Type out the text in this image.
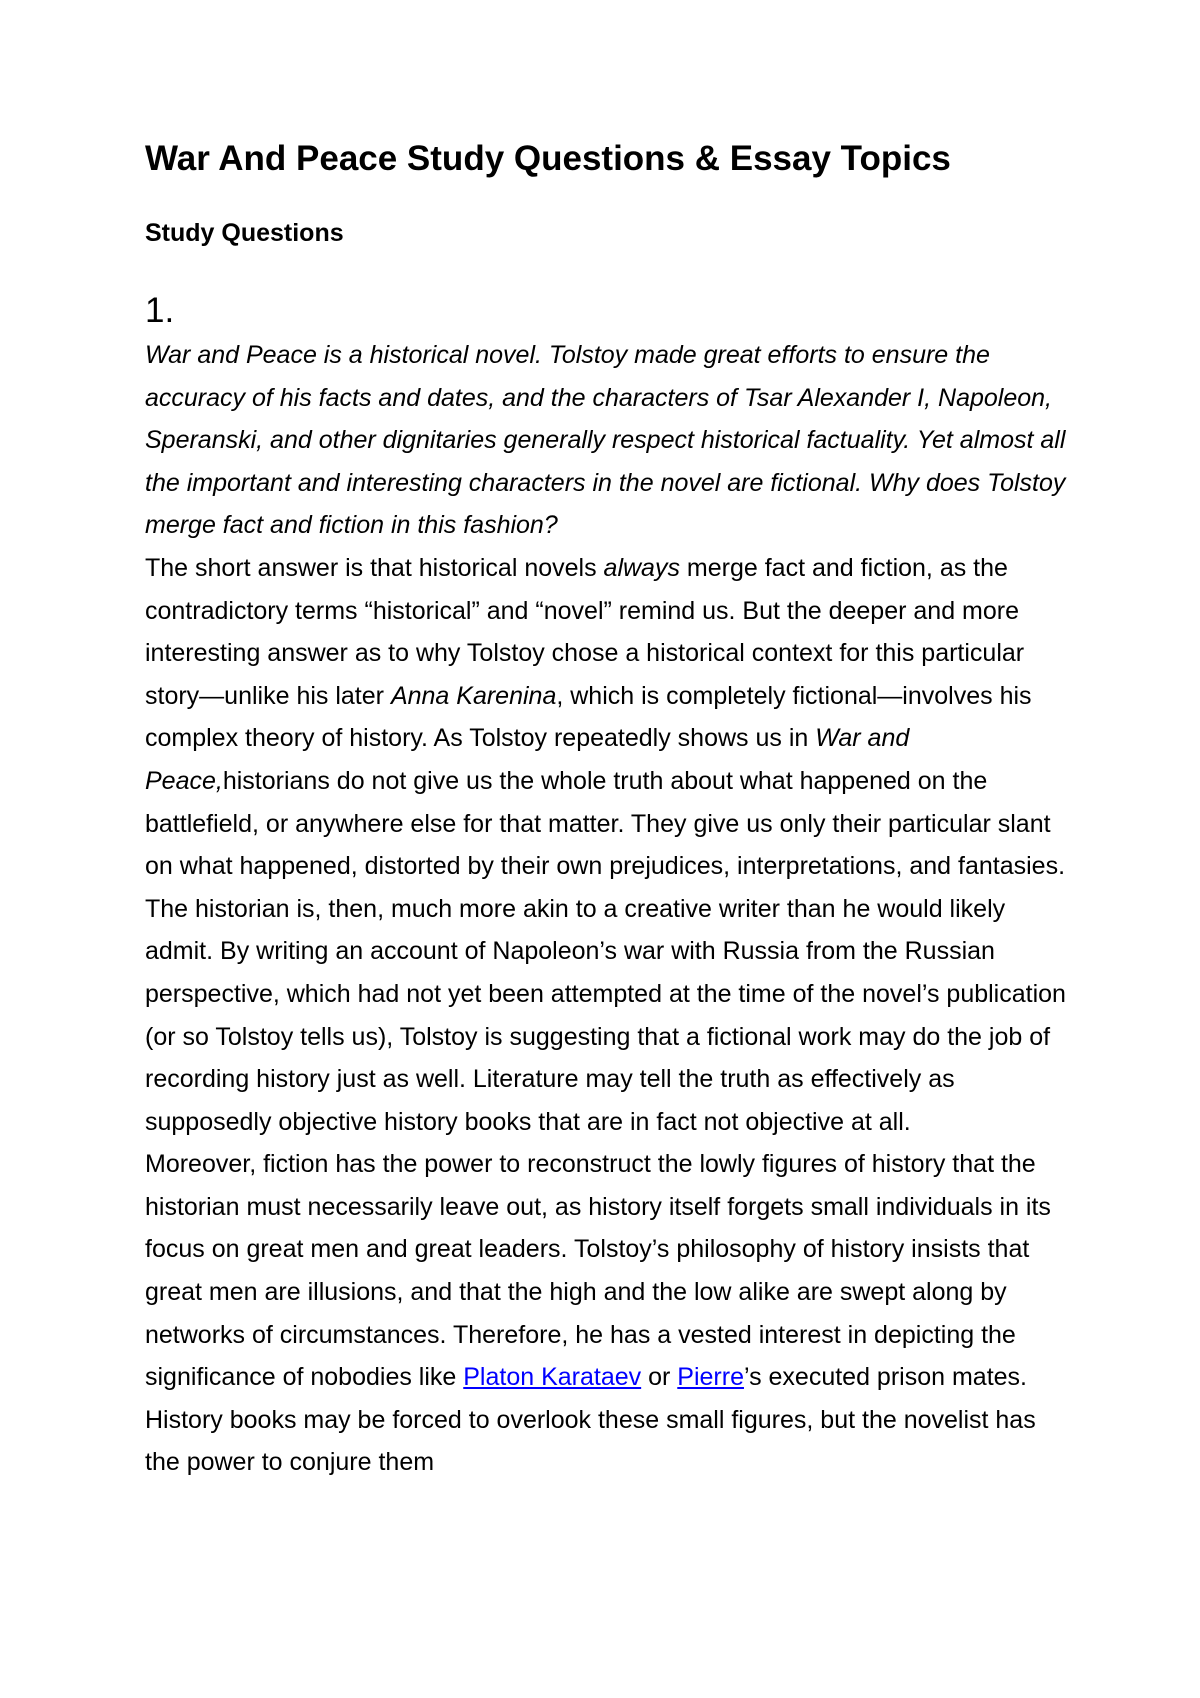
War And Peace Study Questions & Essay Topics
Study Questions
1.

War and Peace is a historical novel. Tolstoy made great efforts to ensure the accuracy of his facts and dates, and the characters of Tsar Alexander I, Napoleon, Speranski, and other dignitaries generally respect historical factuality. Yet almost all the important and interesting characters in the novel are fictional. Why does Tolstoy merge fact and fiction in this fashion?

The short answer is that historical novels always merge fact and fiction, as the contradictory terms “historical” and “novel” remind us. But the deeper and more interesting answer as to why Tolstoy chose a historical context for this particular story—unlike his later Anna Karenina, which is completely fictional—involves his complex theory of history. As Tolstoy repeatedly shows us in War and Peace,historians do not give us the whole truth about what happened on the battlefield, or anywhere else for that matter. They give us only their particular slant on what happened, distorted by their own prejudices, interpretations, and fantasies. The historian is, then, much more akin to a creative writer than he would likely admit. By writing an account of Napoleon’s war with Russia from the Russian perspective, which had not yet been attempted at the time of the novel’s publication (or so Tolstoy tells us), Tolstoy is suggesting that a fictional work may do the job of recording history just as well. Literature may tell the truth as effectively as supposedly objective history books that are in fact not objective at all.

Moreover, fiction has the power to reconstruct the lowly figures of history that the historian must necessarily leave out, as history itself forgets small individuals in its focus on great men and great leaders. Tolstoy’s philosophy of history insists that great men are illusions, and that the high and the low alike are swept along by networks of circumstances. Therefore, he has a vested interest in depicting the significance of nobodies like Platon Karataev or Pierre’s executed prison mates. History books may be forced to overlook these small figures, but the novelist has the power to conjure them
